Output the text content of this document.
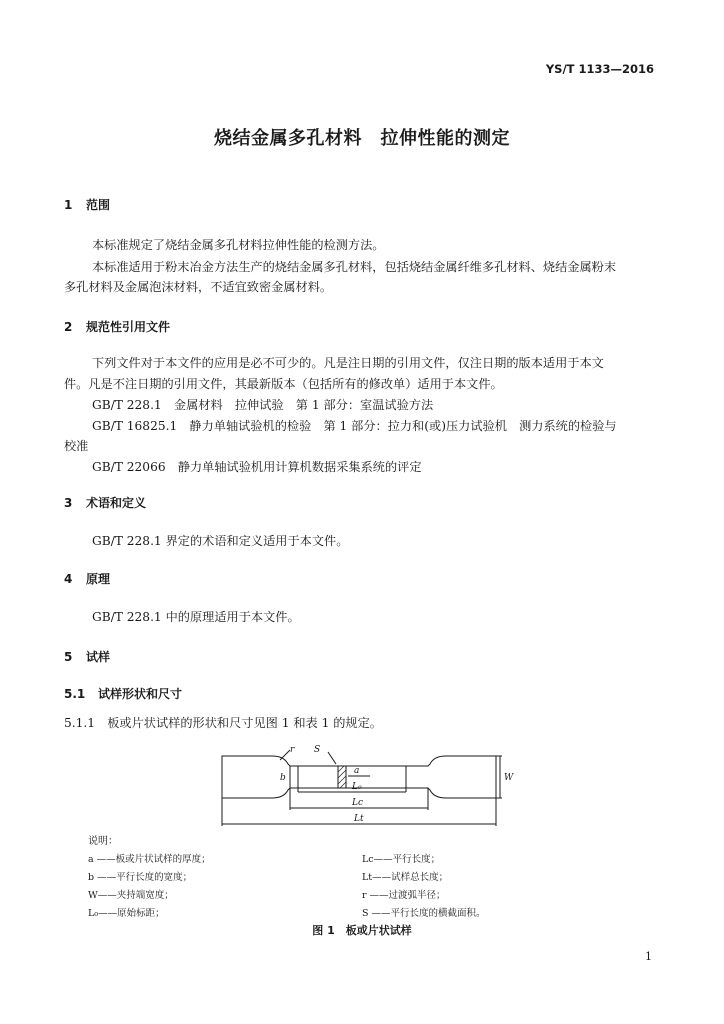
YS/T 1133—2016
烧结金属多孔材料　拉伸性能的测定
1 范围
本标准规定了烧结金属多孔材料拉伸性能的检测方法。
本标准适用于粉末冶金方法生产的烧结金属多孔材料，包括烧结金属纤维多孔材料、烧结金属粉末
多孔材料及金属泡沫材料，不适宜致密金属材料。
2 规范性引用文件
下列文件对于本文件的应用是必不可少的。凡是注日期的引用文件，仅注日期的版本适用于本文
件。凡是不注日期的引用文件，其最新版本（包括所有的修改单）适用于本文件。
GB/T 228.1　金属材料　拉伸试验　第 1 部分：室温试验方法
GB/T 16825.1　静力单轴试验机的检验　第 1 部分：拉力和(或)压力试验机　测力系统的检验与
校准
GB/T 22066　静力单轴试验机用计算机数据采集系统的评定
3 术语和定义
GB/T 228.1 界定的术语和定义适用于本文件。
4 原理
GB/T 228.1 中的原理适用于本文件。
5 试样
5.1 试样形状和尺寸
5.1.1　板或片状试样的形状和尺寸见图 1 和表 1 的规定。
r S
b
a
W
L₀
Lc
Lt
说明：
a ——板或片状试样的厚度；
b ——平行长度的宽度；
W——夹持端宽度；
L₀——原始标距；
Lc——平行长度；
Lt——试样总长度；
r ——过渡弧半径；
S ——平行长度的横截面积。
图 1　板或片状试样
1
